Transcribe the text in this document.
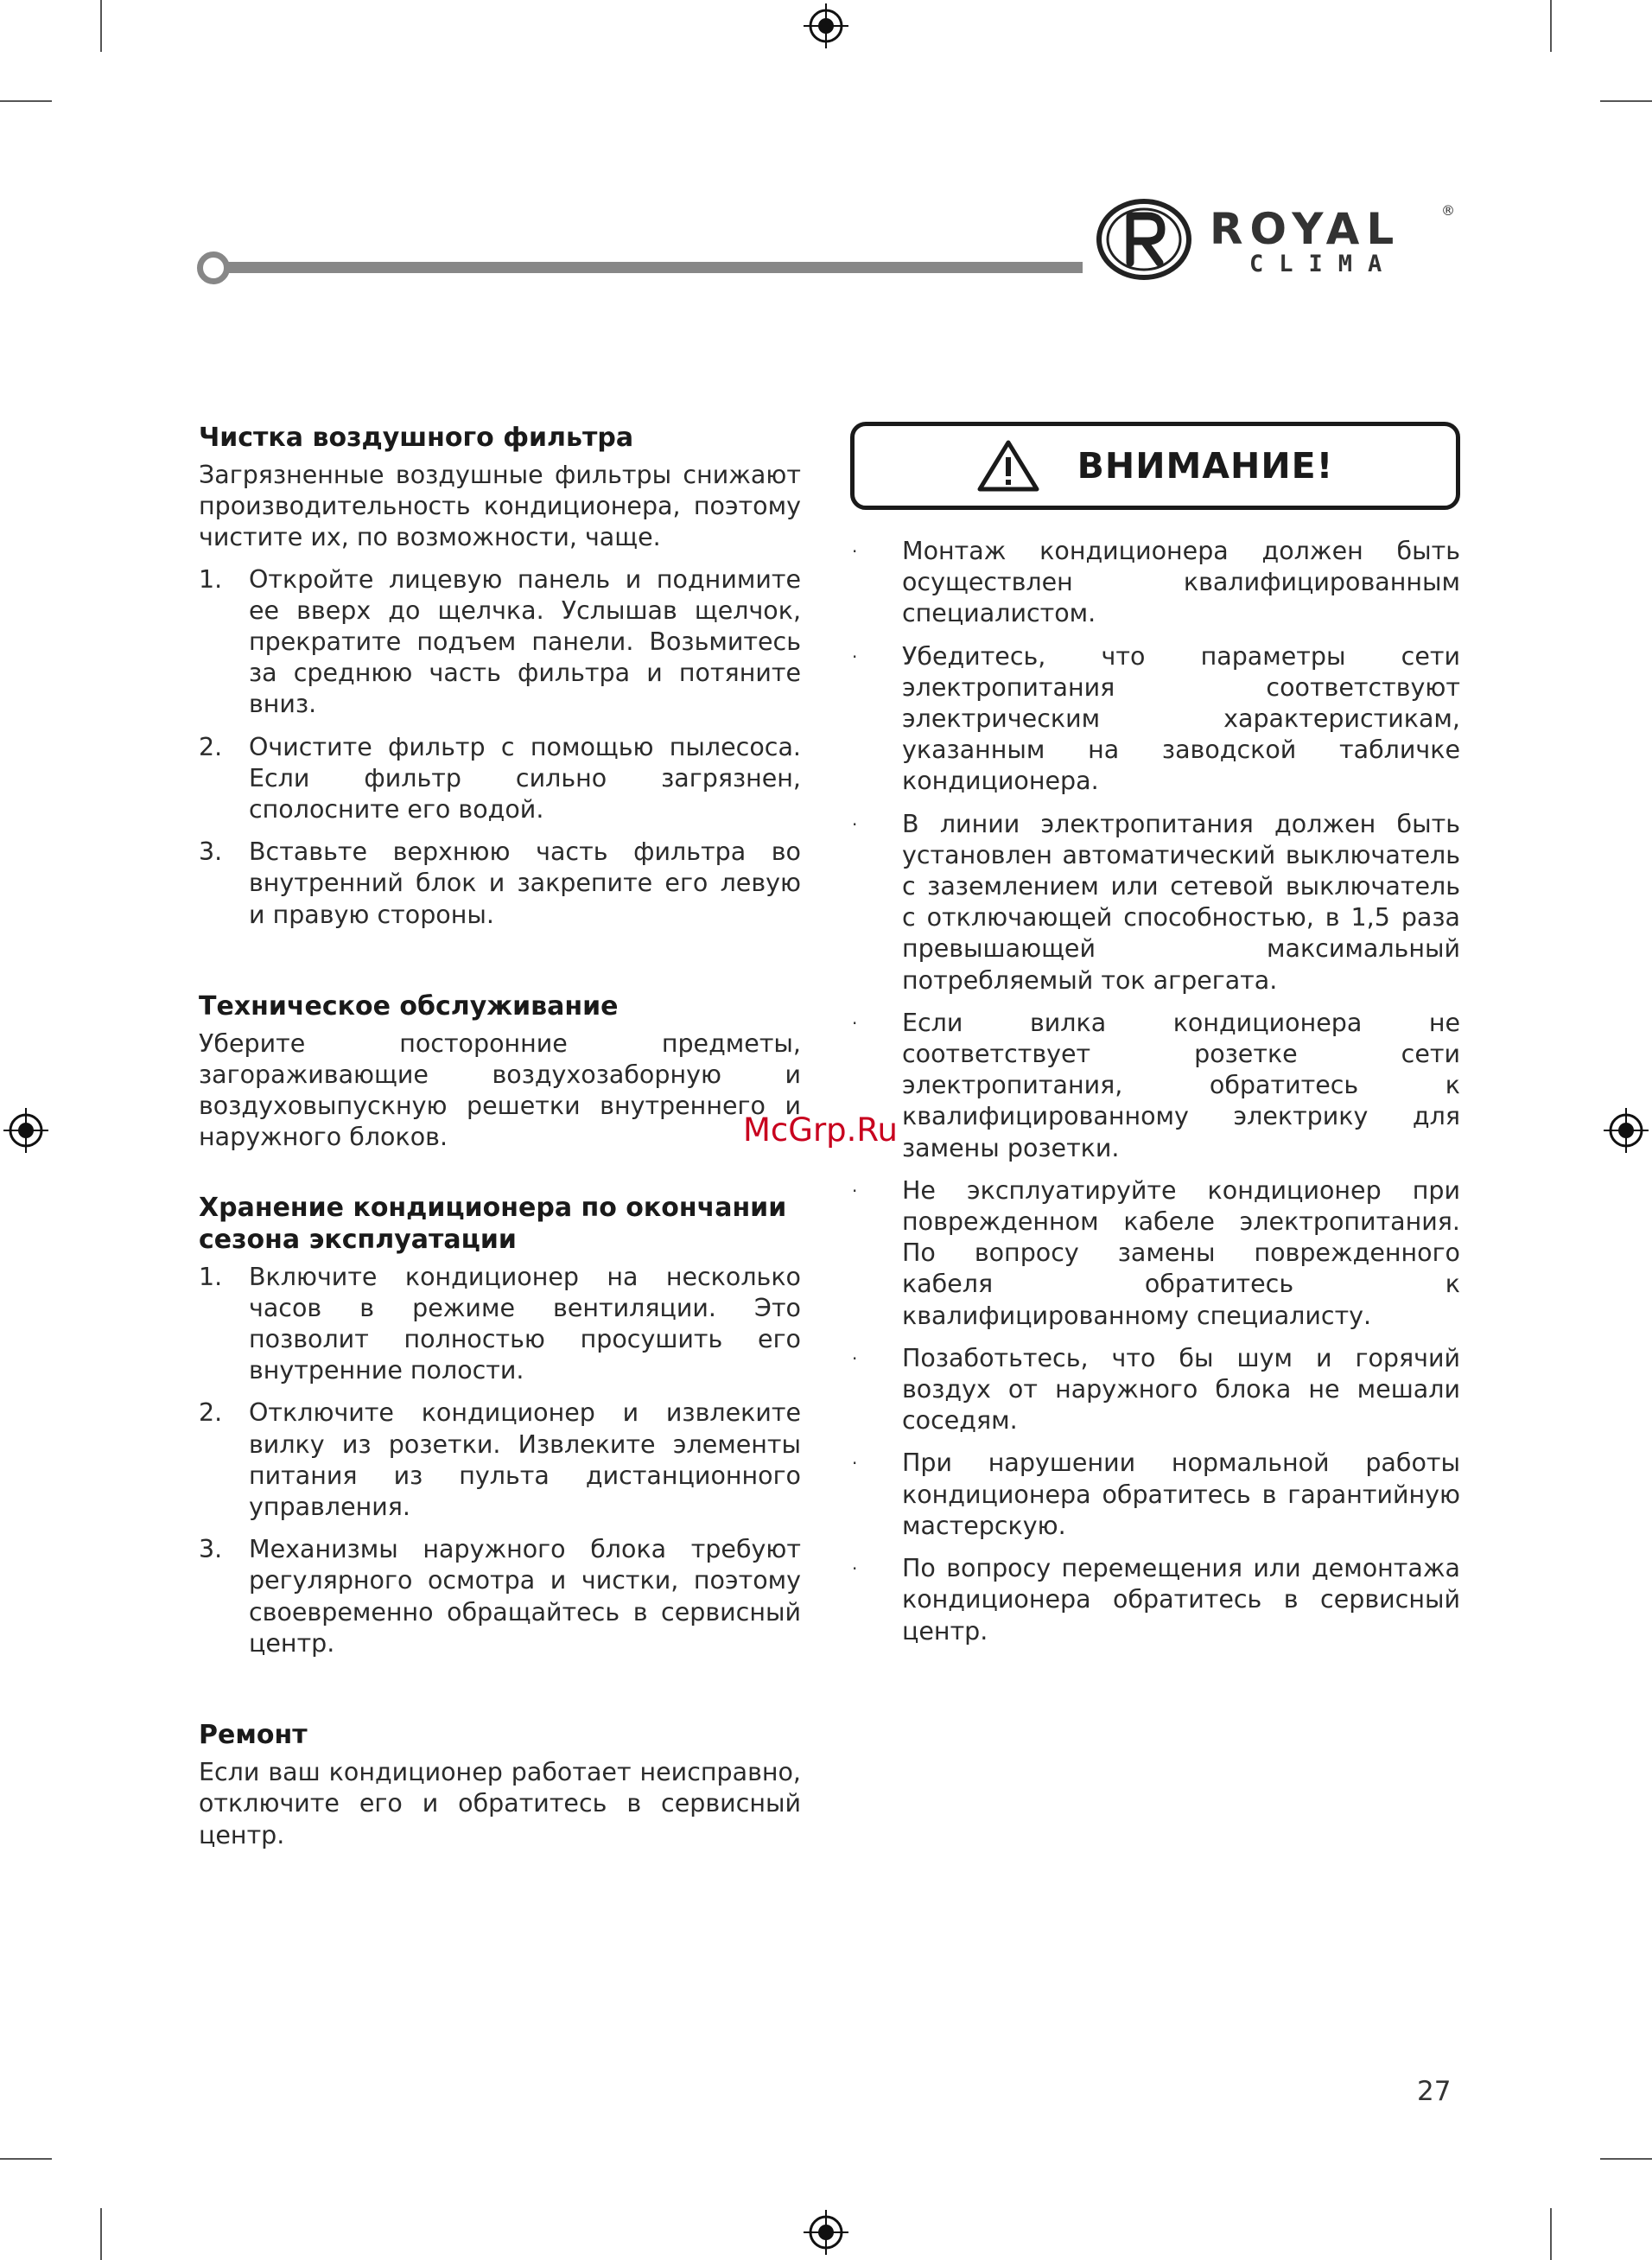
ROYAL	®
CLIMA
Чистка воздушного фильтра

Загрязненные воздушные фильтры снижают производительность кондиционера, поэтому чистите их, по возможности, чаще.

1. Откройте лицевую панель и поднимите ее вверх до щелчка. Услышав щелчок, прекратите подъем панели. Возьмитесь за среднюю часть фильтра и потяните вниз.
2. Очистите фильтр с помощью пылесоса. Если фильтр сильно загрязнен, сполосните его водой.
3. Вставьте верхнюю часть фильтра во внутренний блок и закрепите его левую и правую стороны.
Техническое обслуживание

Уберите посторонние предметы, загораживающие воздухозаборную и воздуховыпускную решетки внутреннего и наружного блоков.

Хранение кондиционера по окончании сезона эксплуатации
1. Включите кондиционер на несколько часов в режиме вентиляции. Это позволит полностью просушить его внутренние полости.
2. Отключите кондиционер и извлеките вилку из розетки. Извлеките элементы питания из пульта дистанционного управления.
3. Механизмы наружного блока требуют регулярного осмотра и чистки, поэтому своевременно обращайтесь в сервисный центр.
Ремонт

Если ваш кондиционер работает неисправно, отключите его и обратитесь в сервисный центр.

ВНИМАНИЕ!
· Монтаж кондиционера должен быть осуществлен квалифицированным специалистом.
· Убедитесь, что параметры сети электропитания соответствуют электрическим характеристикам, указанным на заводской табличке кондиционера.
· В линии электропитания должен быть установлен автоматический выключатель с заземлением или сетевой выключатель с отключающей способностью, в 1,5 раза превышающей максимальный потребляемый ток агрегата.
· Если вилка кондиционера не соответствует розетке сети электропитания, обратитесь к квалифицированному электрику для замены розетки.
· Не эксплуатируйте кондиционер при поврежденном кабеле электропитания. По вопросу замены поврежденного кабеля обратитесь к квалифицированному специалисту.
· Позаботьтесь, что бы шум и горячий воздух от наружного блока не мешали соседям.
· При нарушении нормальной работы кондиционера обратитесь в гарантийную мастерскую.
· По вопросу перемещения или демонтажа кондиционера обратитесь в сервисный центр.
McGrp.Ru
27
